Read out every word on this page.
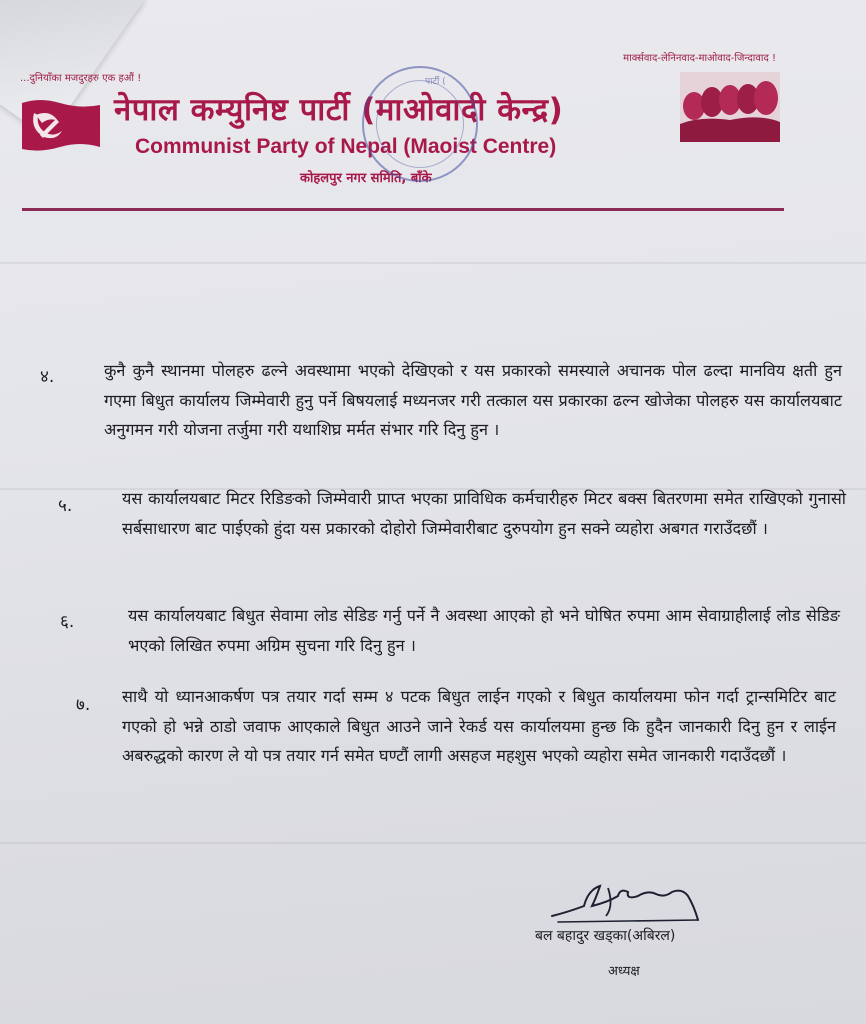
...दुनियाँका मजदुरहरु एक हऔं !
मार्क्सवाद-लेनिनवाद-माओवाद-जिन्दावाद !
नेपाल कम्युनिष्ट पार्टी (माओवादी केन्द्र)
Communist Party of Nepal (Maoist Centre)
कोहलपुर नगर समिति, बाँके
पार्टी (
४.	कुनै कुनै स्थानमा पोलहरु ढल्ने अवस्थामा भएको देखिएको र यस प्रकारको समस्याले अचानक पोल ढल्दा मानविय क्षती हुन गएमा बिधुत कार्यालय जिम्मेवारी हुनु पर्ने बिषयलाई मध्यनजर गरी तत्काल यस प्रकारका ढल्न खोजेका पोलहरु यस कार्यालयबाट अनुगमन गरी योजना तर्जुमा गरी यथाशिघ्र मर्मत संभार गरि दिनु हुन ।
५.	यस कार्यालयबाट मिटर रिडिङको जिम्मेवारी प्राप्त भएका प्राविधिक कर्मचारीहरु मिटर बक्स बितरणमा समेत राखिएको गुनासो सर्बसाधारण बाट पाईएको हुंदा यस प्रकारको दोहोरो जिम्मेवारीबाट दुरुपयोग हुन सक्ने व्यहोरा अबगत गराउँदछौं ।
६.	यस कार्यालयबाट बिधुत सेवामा लोड सेडिङ गर्नु पर्ने नै अवस्था आएको हो भने घोषित रुपमा आम सेवाग्राहीलाई लोड सेडिङ भएको लिखित रुपमा अग्रिम सुचना गरि दिनु हुन ।
७. साथै यो ध्यानआकर्षण पत्र तयार गर्दा सम्म ४ पटक बिधुत लाईन गएको र बिधुत कार्यालयमा फोन गर्दा ट्रान्समिटिर बाट गएको हो भन्ने ठाडो जवाफ आएकाले बिधुत आउने जाने रेकर्ड यस कार्यालयमा हुन्छ कि हुदैन जानकारी दिनु हुन र लाईन अबरुद्धको कारण ले यो पत्र तयार गर्न समेत घण्टौं लागी असहज महशुस भएको व्यहोरा समेत जानकारी गदाउँदछौं ।
बल बहादुर खड्का(अबिरल)
अध्यक्ष
